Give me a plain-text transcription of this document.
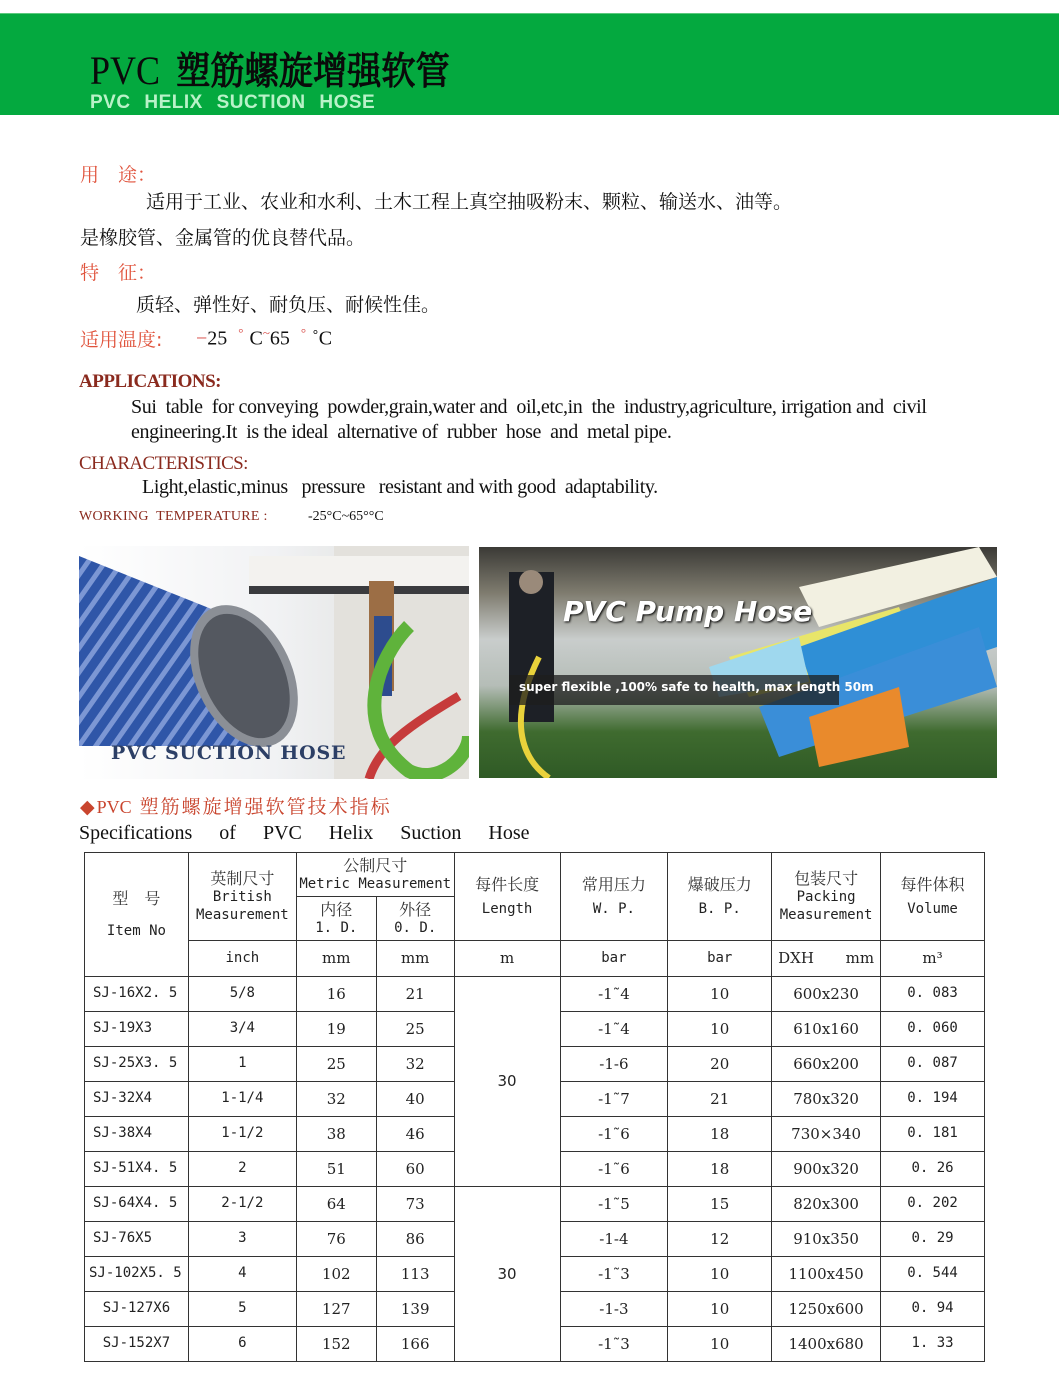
PVC 塑筋螺旋增强软管
PVC HELIX SUCTION HOSE
用　途：
适用于工业、农业和水利、土木工程上真空抽吸粉末、颗粒、输送水、油等。
是橡胶管、金属管的优良替代品。
特　征：
质轻、弹性好、耐负压、耐候性佳。
适用温度: −25 ° C~65 ° ˚C
APPLICATIONS:
Sui  table  for conveying  powder,grain,water and  oil,etc,in  the  industry,agriculture, irrigation and  civil
engineering.It  is the ideal  alternative of  rubber  hose  and  metal pipe.
CHARACTERISTICS:
Light,elastic,minus   pressure   resistant and with good  adaptability.
WORKING  TEMPERATURE :	-25°C~65°°C
PVC SUCTION HOSE
PVC Pump Hose
super flexible ,100% safe to health, max length 50m
◆PVC 塑筋螺旋增强软管技术指标
Specifications of PVC Helix Suction Hose
型　号
Item No	英制尺寸
British
Measurement	公制尺寸
Metric Measurement		每件长度
Length	常用压力
W. P.	爆破压力
B. P.	包装尺寸
Packing
Measurement	每件体积
Volume

		内径
1. D.	外径
0. D.					

	inch	mm	mm	m	bar	bar	DXH mm	m³
SJ-16X2. 5	5/8	16	21	30	-1˜4	10	600x230	0. 083
SJ-19X3	3/4	19	25		-1˜4	10	610x160	0. 060
SJ-25X3. 5	1	25	32		-1-6	20	660x200	0. 087
SJ-32X4	1-1/4	32	40		-1˜7	21	780x320	0. 194
SJ-38X4	1-1/2	38	46		-1˜6	18	730×340	0. 181
SJ-51X4. 5	2	51	60		-1˜6	18	900x320	0. 26
SJ-64X4. 5	2-1/2	64	73	30	-1˜5	15	820x300	0. 202
SJ-76X5	3	76	86		-1-4	12	910x350	0. 29
SJ-102X5. 5	4	102	113		-1˜3	10	1100x450	0. 544
SJ-127X6	5	127	139		-1-3	10	1250x600	0. 94
SJ-152X7	6	152	166		-1˜3	10	1400x680	1. 33
